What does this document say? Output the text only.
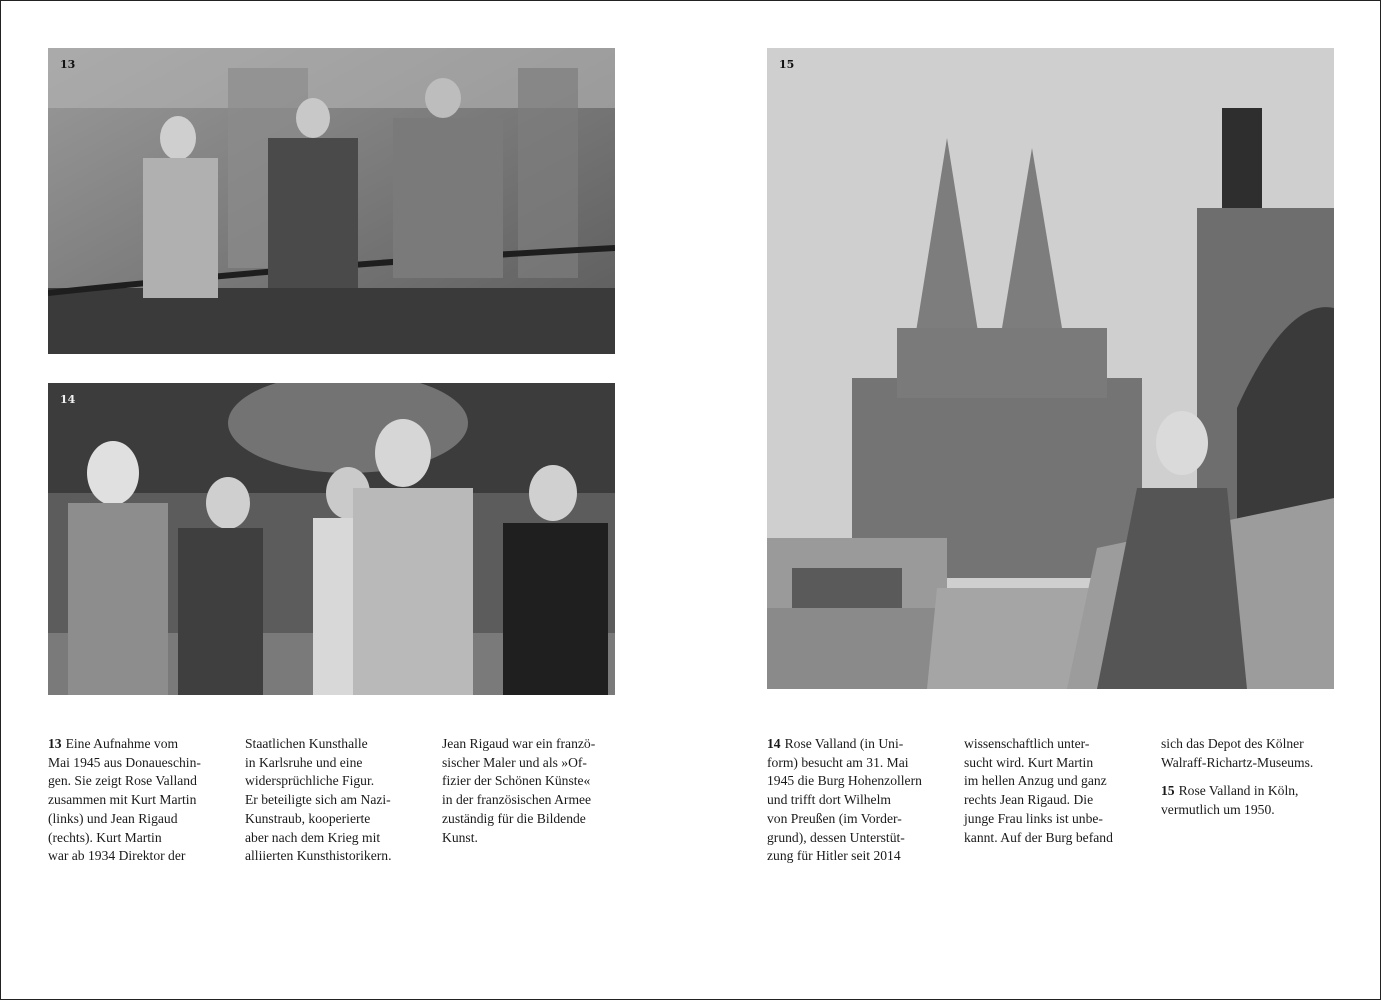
13
14
15

13 Eine Aufnahme vom
Mai 1945 aus Donaueschin-
gen. Sie zeigt Rose Valland
zusammen mit Kurt Martin
(links) und Jean Rigaud
(rechts). Kurt Martin
war ab 1934 Direktor der

Staatlichen Kunsthalle
in Karlsruhe und eine
widersprüchliche Figur.
Er beteiligte sich am Nazi-
Kunstraub, kooperierte
aber nach dem Krieg mit
alliierten Kunsthistorikern.

Jean Rigaud war ein franzö-
sischer Maler und als »Of-
fizier der Schönen Künste«
in der französischen Armee
zuständig für die Bildende
Kunst.

14 Rose Valland (in Uni-
form) besucht am 31. Mai
1945 die Burg Hohenzollern
und trifft dort Wilhelm
von Preußen (im Vorder-
grund), dessen Unterstüt-
zung für Hitler seit 2014

wissenschaftlich unter-
sucht wird. Kurt Martin
im hellen Anzug und ganz
rechts Jean Rigaud. Die
junge Frau links ist unbe-
kannt. Auf der Burg befand

sich das Depot des Kölner
Walraff-Richartz-Museums.

15 Rose Valland in Köln,
vermutlich um 1950.
